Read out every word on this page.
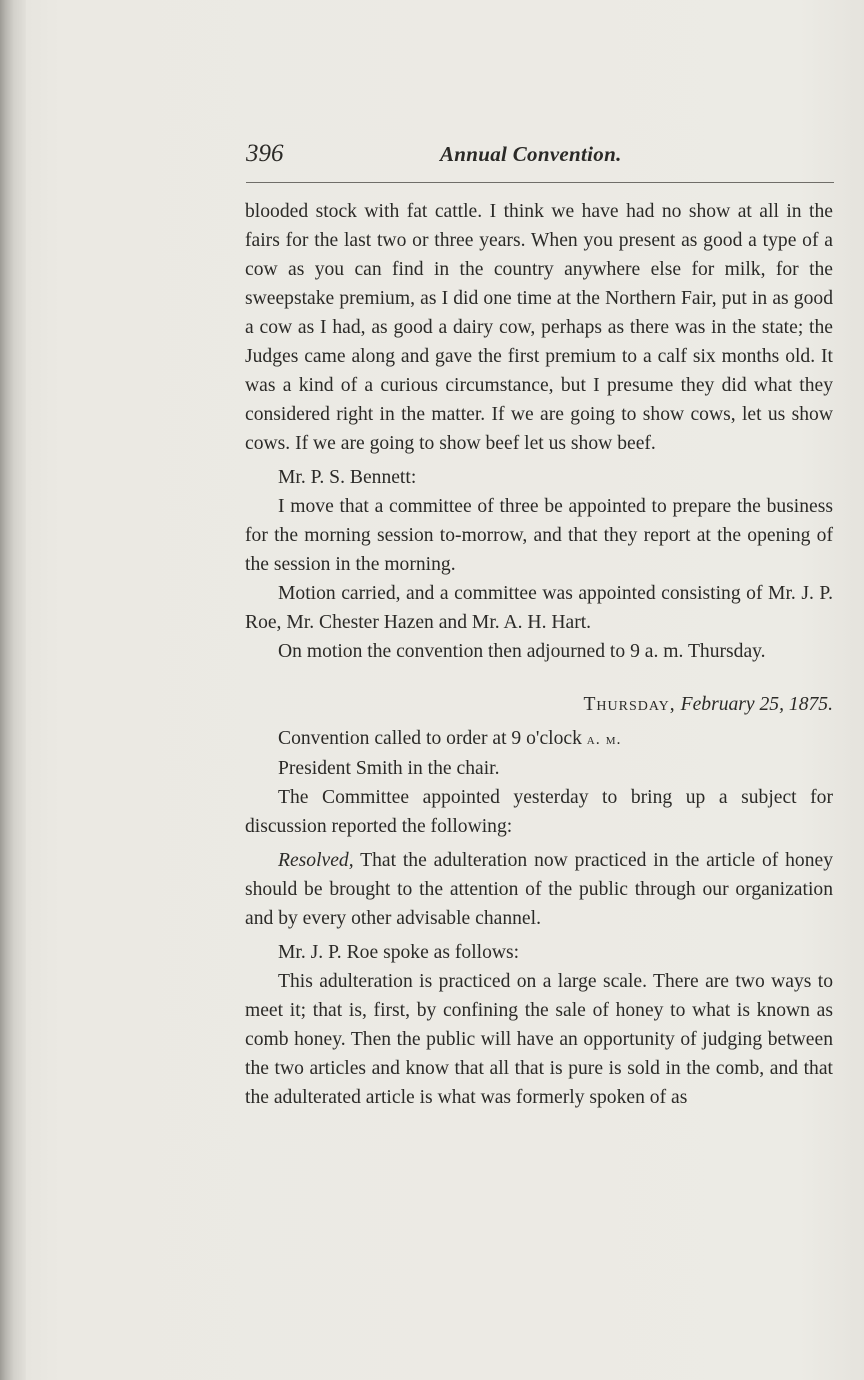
396	Annual Convention.

blooded stock with fat cattle. I think we have had no show at all in the fairs for the last two or three years. When you present as good a type of a cow as you can find in the country anywhere else for milk, for the sweepstake premium, as I did one time at the Northern Fair, put in as good a cow as I had, as good a dairy cow, perhaps as there was in the state; the Judges came along and gave the first premium to a calf six months old. It was a kind of a curious circumstance, but I presume they did what they considered right in the matter. If we are going to show cows, let us show cows. If we are going to show beef let us show beef.

Mr. P. S. Bennett:

I move that a committee of three be appointed to prepare the business for the morning session to-morrow, and that they report at the opening of the session in the morning.

Motion carried, and a committee was appointed consisting of Mr. J. P. Roe, Mr. Chester Hazen and Mr. A. H. Hart.

On motion the convention then adjourned to 9 a. m. Thursday.

Thursday, February 25, 1875.

Convention called to order at 9 o'clock a. m.

President Smith in the chair.

The Committee appointed yesterday to bring up a subject for discussion reported the following:

Resolved, That the adulteration now practiced in the article of honey should be brought to the attention of the public through our organization and by every other advisable channel.

Mr. J. P. Roe spoke as follows:

This adulteration is practiced on a large scale. There are two ways to meet it; that is, first, by confining the sale of honey to what is known as comb honey. Then the public will have an opportunity of judging between the two articles and know that all that is pure is sold in the comb, and that the adulterated article is what was formerly spoken of as
